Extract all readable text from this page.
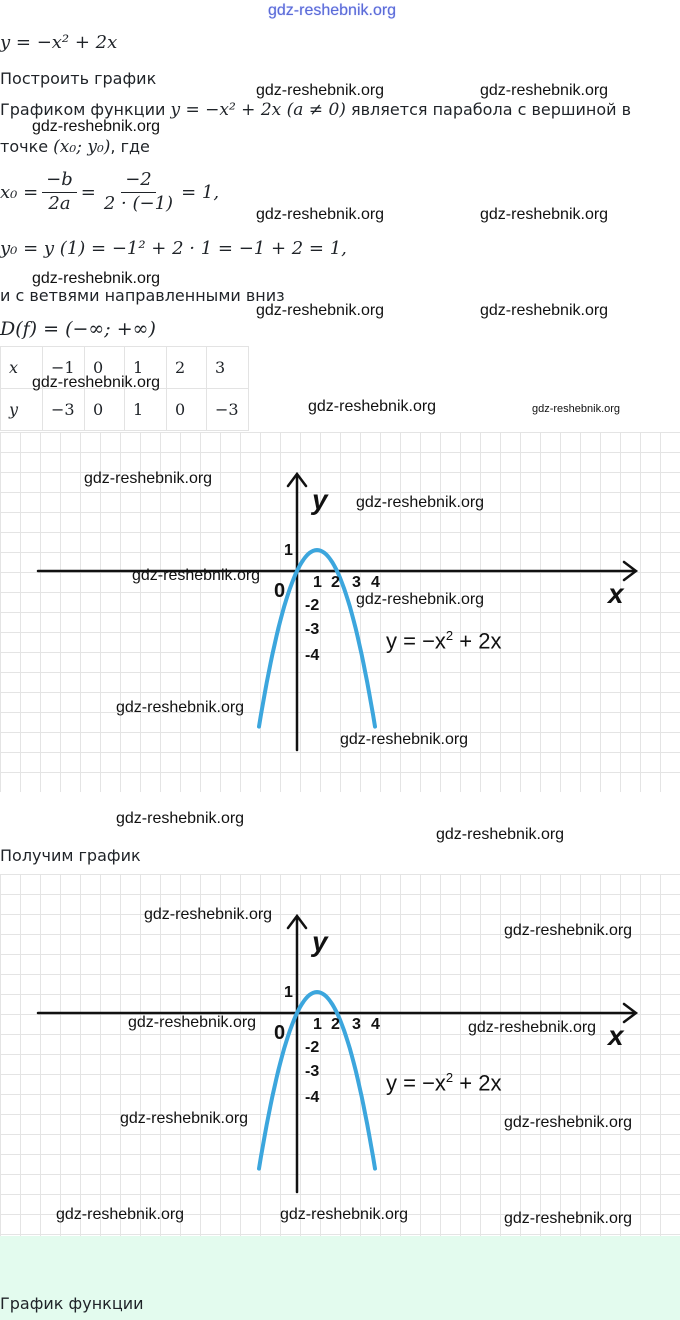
gdz-reshebnik.org
y = −x² + 2x
Построить график
gdz-reshebnik.org	gdz-reshebnik.org
Графиком функции y = −x² + 2x (a ≠ 0) является парабола с вершиной в
gdz-reshebnik.org
точке (x₀; y₀), где
$x_0 = \frac{-b}{2a} = \frac{-2}{2 \cdot (-1)} = 1$,
gdz-reshebnik.org	gdz-reshebnik.org
y₀ = y (1) = −1² + 2 · 1 = −1 + 2 = 1,
gdz-reshebnik.org
и с ветвями направленными вниз
gdz-reshebnik.org	gdz-reshebnik.org
D(f) = (−∞; +∞)
x	−1	0	1	2	3
y	−3	0	1	0	−3
gdz-reshebnik.org
gdz-reshebnik.org	gdz-reshebnik.org
y
x
1
0 1 2 3 4
-2
-3
-4
$y = -x^2 + 2x$
gdz-reshebnik.org
gdz-reshebnik.org
gdz-reshebnik.org
gdz-reshebnik.org
gdz-reshebnik.org
gdz-reshebnik.org
gdz-reshebnik.org
gdz-reshebnik.org
Получим график
y
x
1
0 1 2 3 4
-2
-3
-4
$y = -x^2 + 2x$
gdz-reshebnik.org
gdz-reshebnik.org
gdz-reshebnik.org	gdz-reshebnik.org
gdz-reshebnik.org	gdz-reshebnik.org
gdz-reshebnik.org	gdz-reshebnik.org	gdz-reshebnik.org
График функции
